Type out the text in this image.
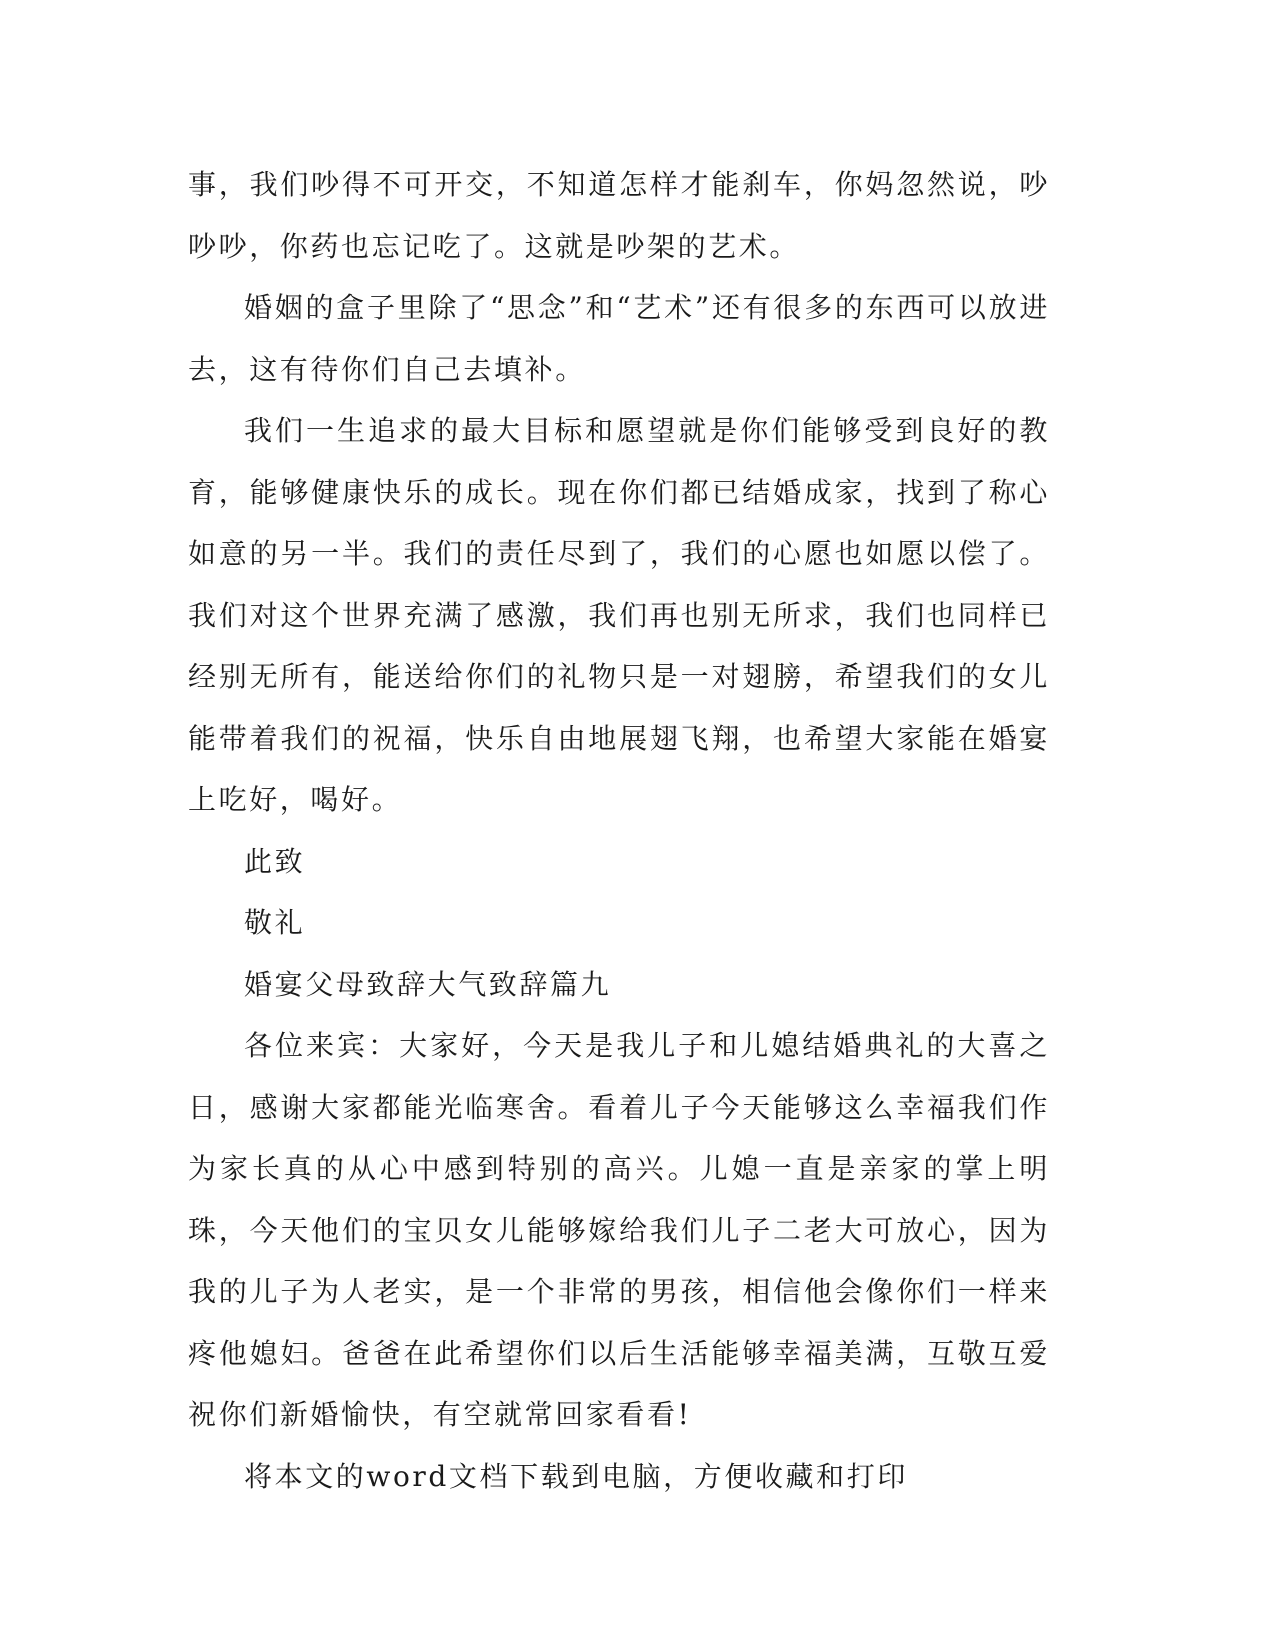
事，我们吵得不可开交，不知道怎样才能刹车，你妈忽然说，吵吵吵，你药也忘记吃了。这就是吵架的艺术。

婚姻的盒子里除了“思念”和“艺术”还有很多的东西可以放进去，这有待你们自己去填补。

我们一生追求的最大目标和愿望就是你们能够受到良好的教育，能够健康快乐的成长。现在你们都已结婚成家，找到了称心如意的另一半。我们的责任尽到了，我们的心愿也如愿以偿了。我们对这个世界充满了感激，我们再也别无所求，我们也同样已经别无所有，能送给你们的礼物只是一对翅膀，希望我们的女儿能带着我们的祝福，快乐自由地展翅飞翔，也希望大家能在婚宴上吃好，喝好。

此致

敬礼

婚宴父母致辞大气致辞篇九

各位来宾：大家好，今天是我儿子和儿媳结婚典礼的大喜之日，感谢大家都能光临寒舍。看着儿子今天能够这么幸福我们作为家长真的从心中感到特别的高兴。儿媳一直是亲家的掌上明珠，今天他们的宝贝女儿能够嫁给我们儿子二老大可放心，因为我的儿子为人老实，是一个非常的男孩，相信他会像你们一样来疼他媳妇。爸爸在此希望你们以后生活能够幸福美满，互敬互爱祝你们新婚愉快，有空就常回家看看!

将本文的word文档下载到电脑，方便收藏和打印
